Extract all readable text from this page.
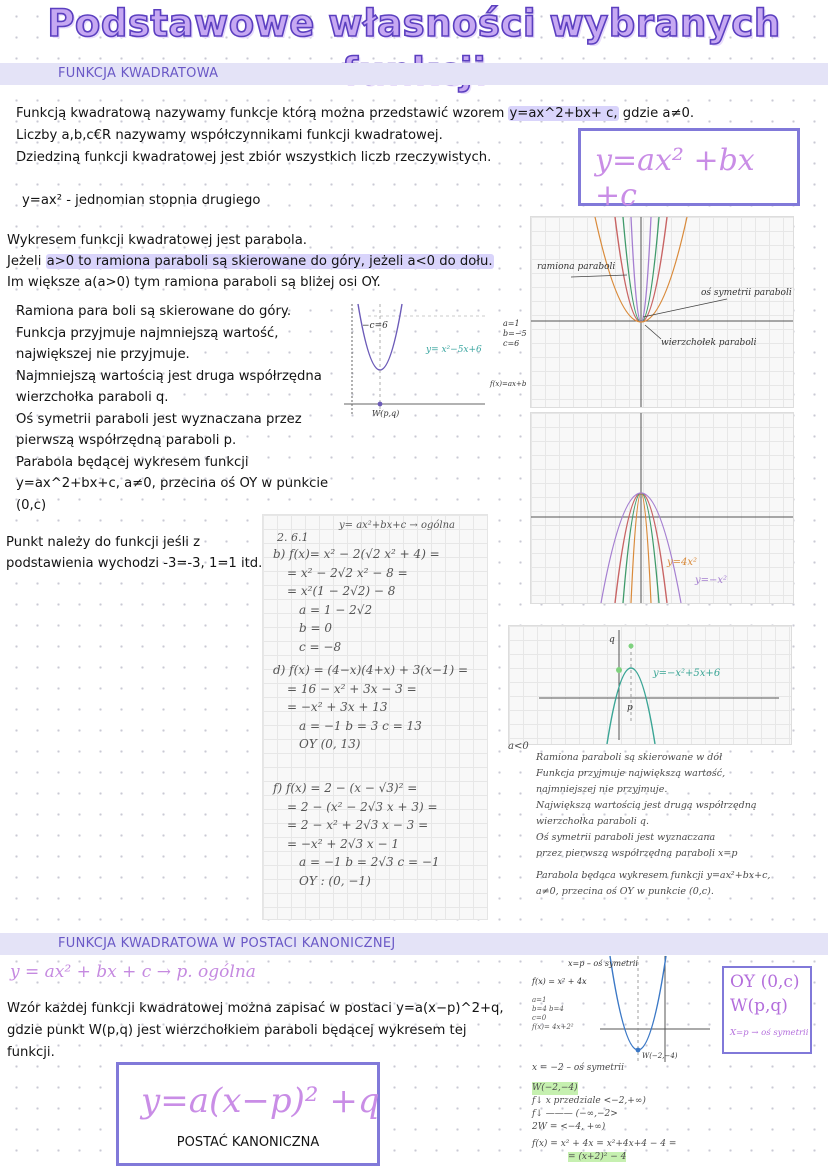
Podstawowe własności wybranych
FUNKCJA KWADRATOWA
Funkcją kwadratową nazywamy funkcje którą można przedstawić wzorem y=ax^2+bx+ c, gdzie a≠0.
Liczby a,b,c€R nazywamy współczynnikami funkcji kwadratowej.
Dziedziną funkcji kwadratowej jest zbiór wszystkich liczb rzeczywistych.	y=ax² +bx +c
y=ax² - jednomian stopnia drugiego
Wykresem funkcji kwadratowej jest parabola.
Jeżeli a>0 to ramiona paraboli są skierowane do góry, jeżeli a<0 do dołu.
Im większe a(a>0) tym ramiona paraboli są bliżej osi OY.
Ramiona para boli są skierowane do góry.
Funkcja przyjmuje najmniejszą wartość,
największej nie przyjmuje.
Najmniejszą wartością jest druga współrzędna
wierzchołka paraboli q.
Oś symetrii paraboli jest wyznaczana przez
pierwszą współrzędną paraboli p.
Parabola będącej wykresem funkcji
y=ax^2+bx+c, a≠0, przecina oś OY w punkcie
(0,c)
Punkt należy do funkcji jeśli z
podstawienia wychodzi -3=-3, 1=1 itd.
−c=6
y= x²−5x+6
W(p,q)
a=1
b=−5
c=6
f(x)=ax+b
ramiona paraboli
oś symetrii paraboli
wierzchołek paraboli
y=4x²
y=−x²
y= ax²+bx+c → ogólna
2. 6.1
b) f(x)= x² − 2(√2 x² + 4) =
= x² − 2√2 x² − 8 =
= x²(1 − 2√2) − 8
a = 1 − 2√2
b = 0
c = −8
d) f(x) = (4−x)(4+x) + 3(x−1) =
= 16 − x² + 3x − 3 =
= −x² + 3x + 13
a = −1 b = 3 c = 13
OY (0, 13)
f) f(x) = 2 − (x − √3)² =
= 2 − (x² − 2√3 x + 3) =
= 2 − x² + 2√3 x − 3 =
= −x² + 2√3 x − 1
a = −1 b = 2√3 c = −1
OY : (0, −1)
y=−x²+5x+6
p
q
a<0
Ramiona paraboli są skierowane w dół
Funkcja przyjmuje największą wartość,
najmniejszej nie przyjmuje.
Największą wartością jest drugą współrzędną
wierzchołka paraboli q.
Oś symetrii paraboli jest wyznaczana
przez pierwszą współrzędną paraboli x=p
Parabola będąca wykresem funkcji y=ax²+bx+c,
a≠0, przecina oś OY w punkcie (0,c).
FUNKCJA KWADRATOWA W POSTACI KANONICZNEJ
y = ax² + bx + c → p. ogólna
Wzór każdej funkcji kwadratowej można zapisać w postaci y=a(x−p)^2+q,
gdzie punkt W(p,q) jest wierzchołkiem paraboli będącej wykresem tej
funkcji.
y=a(x−p)² +q
POSTAĆ KANONICZNA
x=p – oś symetrii
f(x) = x² + 4x
a=1
b=4 b=4
c=0
f(x)= 4x+2²
W(−2,−4)
x = −2 – oś symetrii
W(−2,−4)
f↓ x przedziale <−2,+∞)
f↓ ——— (−∞,−2>
2W = <−4, +∞)
f(x) = x² + 4x = x²+4x+4 − 4 =
= (x+2)² − 4
OY (0,c)
W(p,q)
X=p → oś symetrii
